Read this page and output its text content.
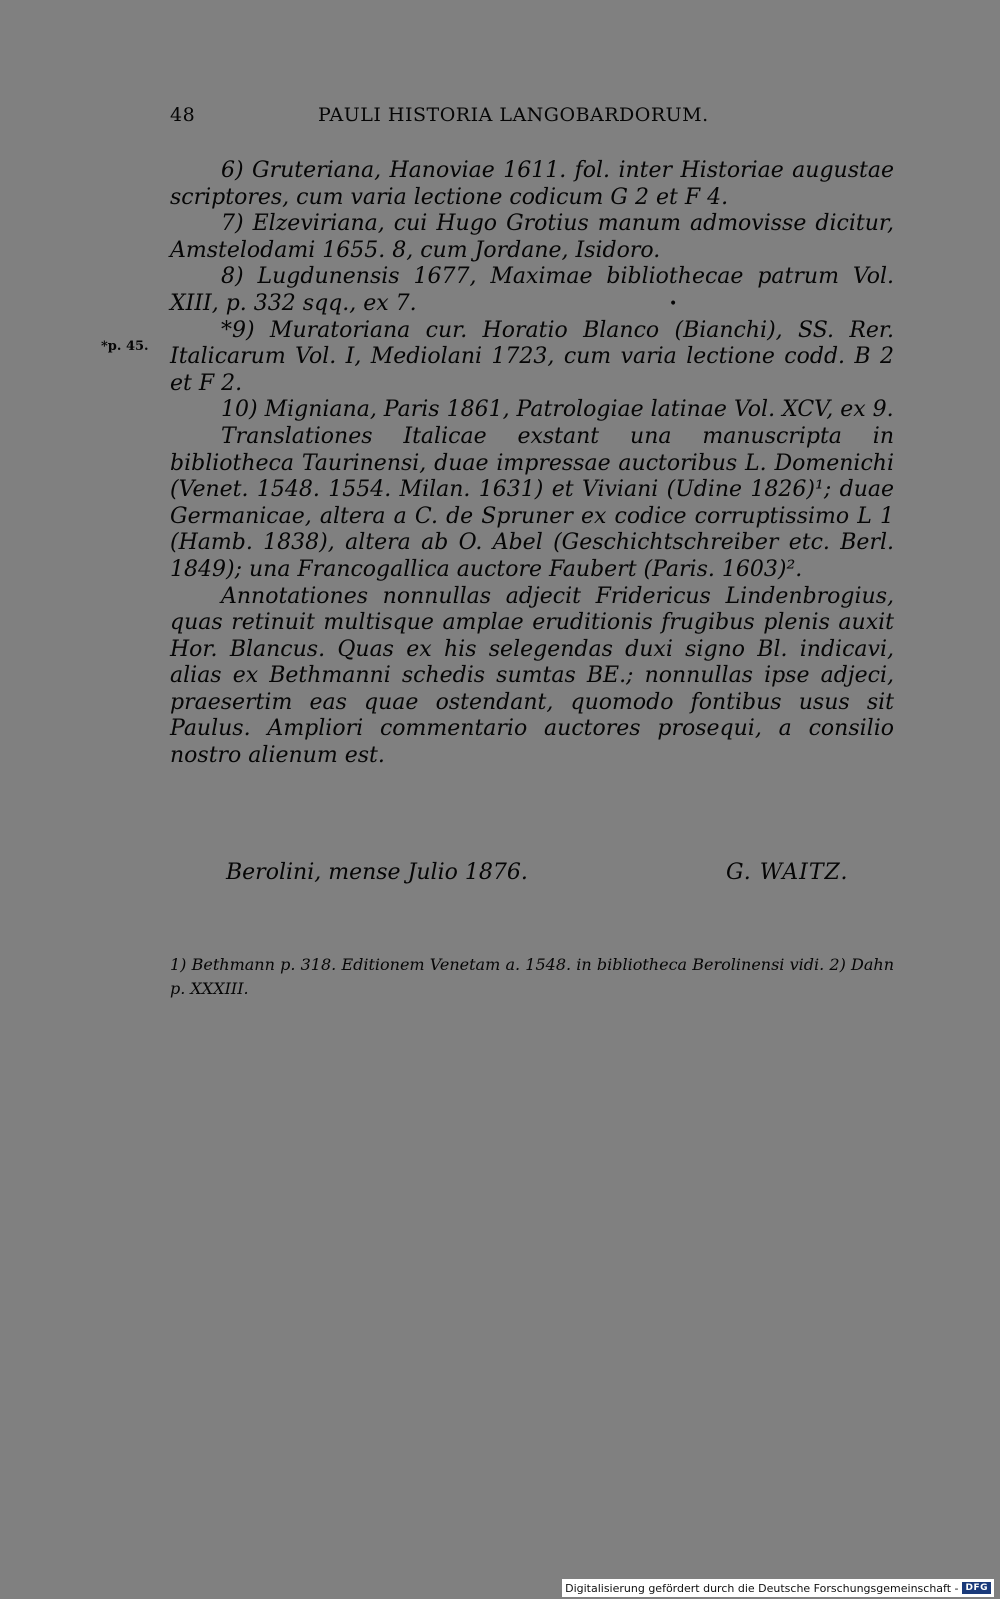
48	PAULI HISTORIA LANGOBARDORUM.
*p. 45.
•

6) Gruteriana, Hanoviae 1611. fol. inter Historiae augustae scriptores, cum varia lectione codicum G 2 et F 4.

7) Elzeviriana, cui Hugo Grotius manum admovisse dicitur, Amstelodami 1655. 8, cum Jordane, Isidoro.

8) Lugdunensis 1677, Maximae bibliothecae patrum Vol. XIII, p. 332 sqq., ex 7.

*9) Muratoriana cur. Horatio Blanco (Bianchi), SS. Rer. Italicarum Vol. I, Mediolani 1723, cum varia lectione codd. B 2 et F 2.

10) Migniana, Paris 1861, Patrologiae latinae Vol. XCV, ex 9.

Translationes Italicae exstant una manuscripta in bibliotheca Taurinensi, duae impressae auctoribus L. Domenichi (Venet. 1548. 1554. Milan. 1631) et Viviani (Udine 1826)¹; duae Germanicae, altera a C. de Spruner ex codice corruptissimo L 1 (Hamb. 1838), altera ab O. Abel (Geschichtschreiber etc. Berl. 1849); una Francogallica auctore Faubert (Paris. 1603)².

Annotationes nonnullas adjecit Fridericus Lindenbrogius, quas retinuit multisque amplae eruditionis frugibus plenis auxit Hor. Blancus. Quas ex his selegendas duxi signo Bl. indicavi, alias ex Bethmanni schedis sumtas BE.; nonnullas ipse adjeci, praesertim eas quae ostendant, quomodo fontibus usus sit Paulus. Ampliori commentario auctores prosequi, a consilio nostro alienum est.

Berolini, mense Julio 1876.	G. WAITZ.
1) Bethmann p. 318. Editionem Venetam a. 1548. in bibliotheca Berolinensi vidi. 2) Dahn p. XXXIII.
Digitalisierung gefördert durch die Deutsche Forschungsgemeinschaft - DFG
